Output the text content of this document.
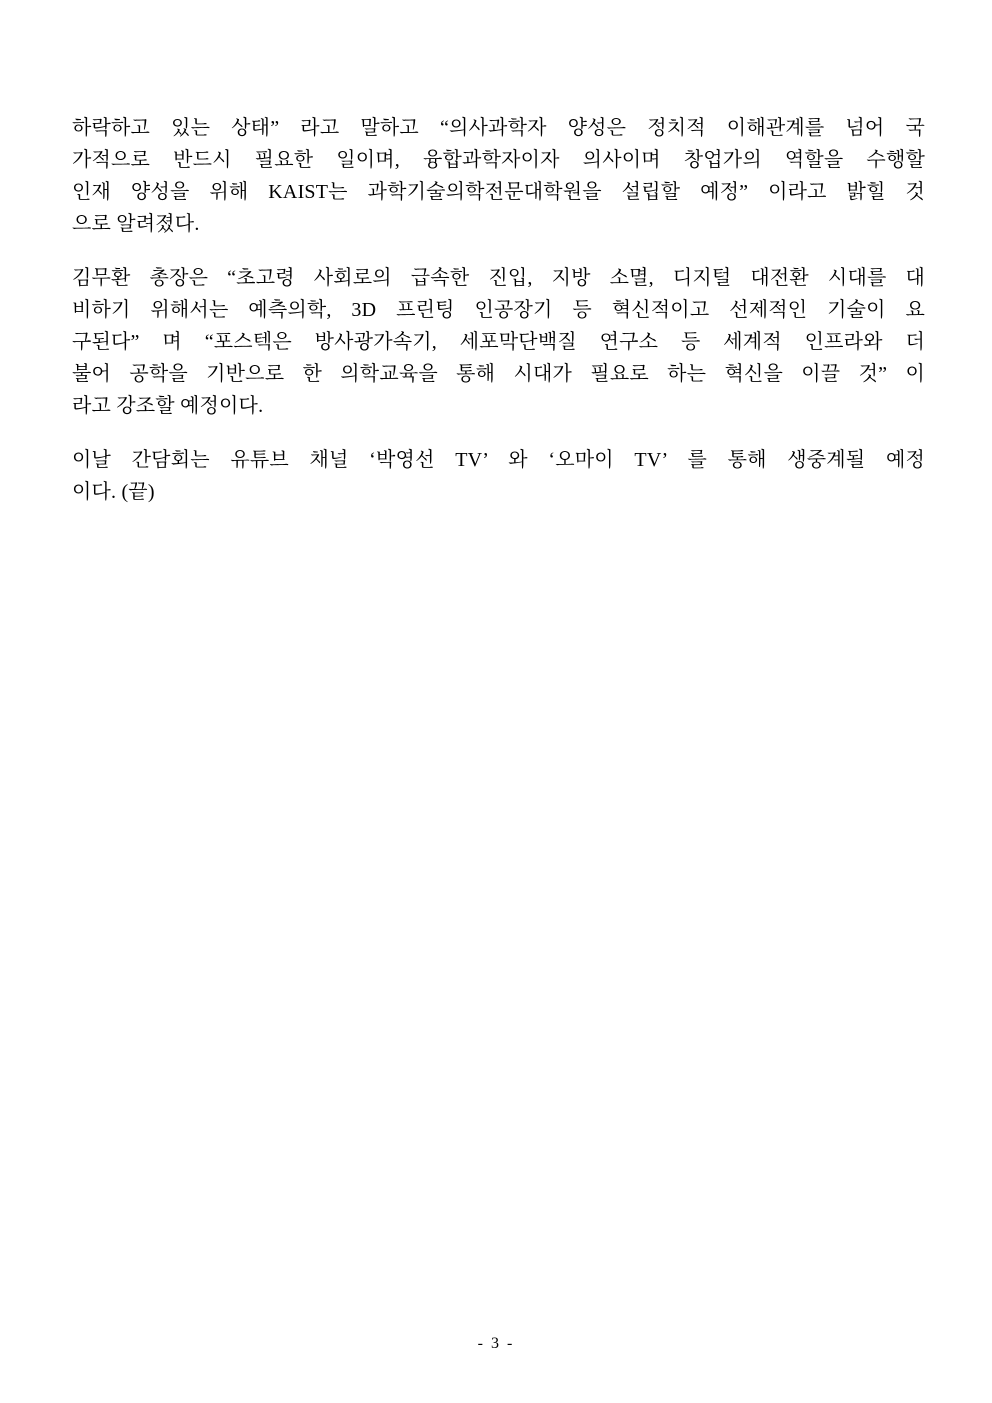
하락하고 있는 상태” 라고 말하고 “의사과학자 양성은 정치적 이해관계를 넘어 국
가적으로 반드시 필요한 일이며, 융합과학자이자 의사이며 창업가의 역할을 수행할
인재 양성을 위해 KAIST는 과학기술의학전문대학원을 설립할 예정” 이라고 밝힐 것
으로 알려졌다.
김무환 총장은 “초고령 사회로의 급속한 진입, 지방 소멸, 디지털 대전환 시대를 대
비하기 위해서는 예측의학, 3D 프린팅 인공장기 등 혁신적이고 선제적인 기술이 요
구된다” 며 “포스텍은 방사광가속기, 세포막단백질 연구소 등 세계적 인프라와 더
불어 공학을 기반으로 한 의학교육을 통해 시대가 필요로 하는 혁신을 이끌 것” 이
라고 강조할 예정이다.
이날 간담회는 유튜브 채널 ‘박영선 TV’ 와 ‘오마이 TV’ 를 통해 생중계될 예정
이다. (끝)
- 3 -
